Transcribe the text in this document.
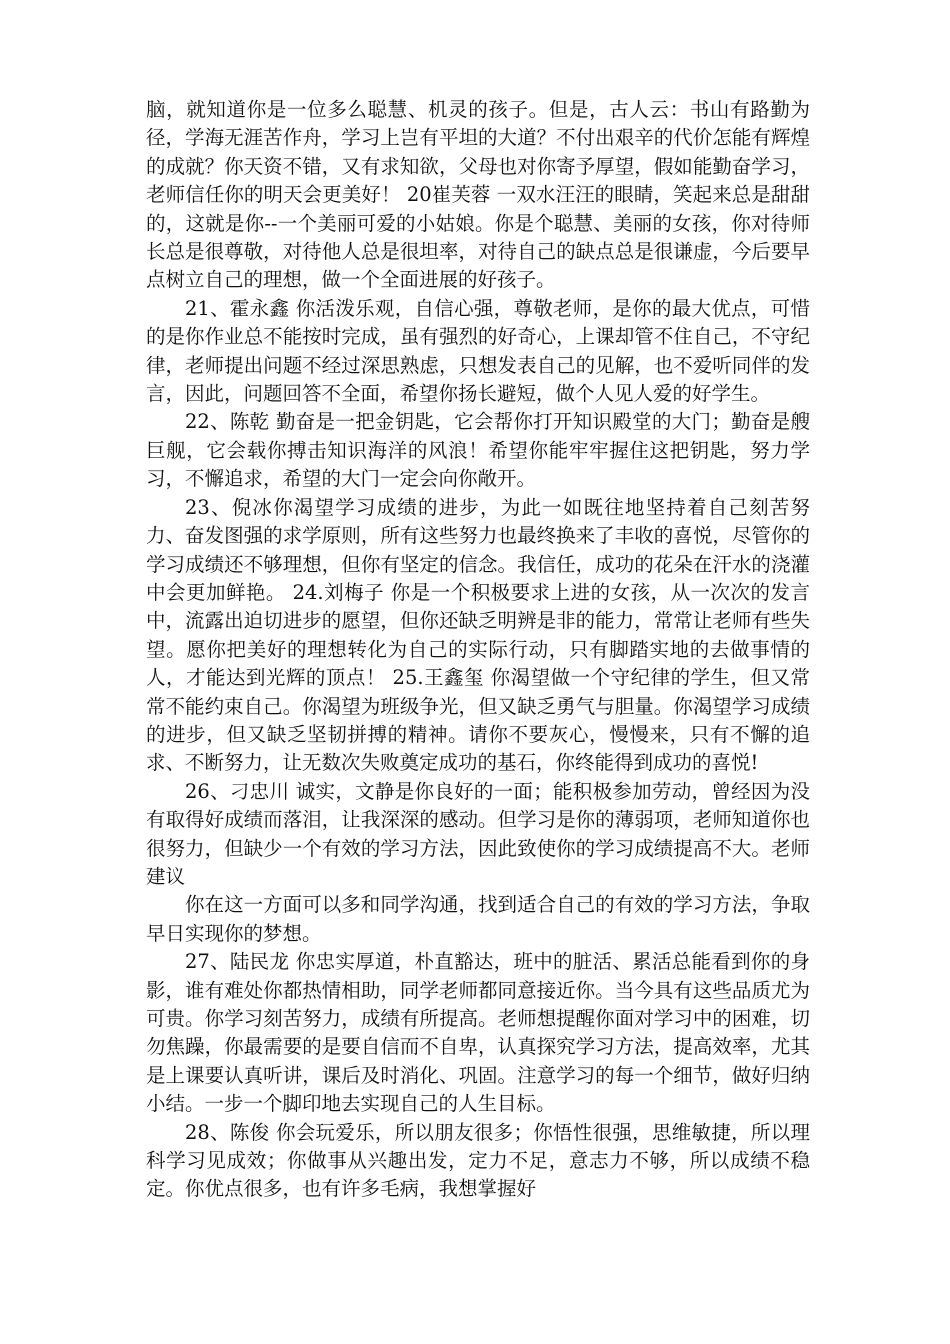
脑，就知道你是一位多么聪慧、机灵的孩子。但是，古人云：书山有路勤为径，学海无涯苦作舟，学习上岂有平坦的大道？不付出艰辛的代价怎能有辉煌的成就？你天资不错，又有求知欲，父母也对你寄予厚望，假如能勤奋学习，老师信任你的明天会更美好！ 20崔芙蓉 一双水汪汪的眼睛，笑起来总是甜甜的，这就是你--一个美丽可爱的小姑娘。你是个聪慧、美丽的女孩，你对待师长总是很尊敬，对待他人总是很坦率，对待自己的缺点总是很谦虚，今后要早点树立自己的理想，做一个全面进展的好孩子。

21、霍永鑫 你活泼乐观，自信心强，尊敬老师，是你的最大优点，可惜的是你作业总不能按时完成，虽有强烈的好奇心，上课却管不住自己，不守纪律，老师提出问题不经过深思熟虑，只想发表自己的见解，也不爱听同伴的发言，因此，问题回答不全面，希望你扬长避短，做个人见人爱的好学生。

22、陈乾 勤奋是一把金钥匙，它会帮你打开知识殿堂的大门；勤奋是艘巨舰，它会载你搏击知识海洋的风浪！希望你能牢牢握住这把钥匙，努力学习，不懈追求，希望的大门一定会向你敞开。

23、倪冰你渴望学习成绩的进步，为此一如既往地坚持着自己刻苦努力、奋发图强的求学原则，所有这些努力也最终换来了丰收的喜悦，尽管你的学习成绩还不够理想，但你有坚定的信念。我信任，成功的花朵在汗水的浇灌中会更加鲜艳。 24.刘梅子 你是一个积极要求上进的女孩，从一次次的发言中，流露出迫切进步的愿望，但你还缺乏明辨是非的能力，常常让老师有些失望。愿你把美好的理想转化为自己的实际行动，只有脚踏实地的去做事情的人，才能达到光辉的顶点！ 25.王鑫玺 你渴望做一个守纪律的学生，但又常常不能约束自己。你渴望为班级争光，但又缺乏勇气与胆量。你渴望学习成绩的进步，但又缺乏坚韧拼搏的精神。请你不要灰心，慢慢来，只有不懈的追求、不断努力，让无数次失败奠定成功的基石，你终能得到成功的喜悦!

26、刁忠川 诚实，文静是你良好的一面；能积极参加劳动，曾经因为没有取得好成绩而落泪，让我深深的感动。但学习是你的薄弱项，老师知道你也很努力，但缺少一个有效的学习方法，因此致使你的学习成绩提高不大。老师建议

你在这一方面可以多和同学沟通，找到适合自己的有效的学习方法，争取早日实现你的梦想。

27、陆民龙 你忠实厚道，朴直豁达，班中的脏活、累活总能看到你的身影，谁有难处你都热情相助，同学老师都同意接近你。当今具有这些品质尤为可贵。你学习刻苦努力，成绩有所提高。老师想提醒你面对学习中的困难，切勿焦躁，你最需要的是要自信而不自卑，认真探究学习方法，提高效率，尤其是上课要认真听讲，课后及时消化、巩固。注意学习的每一个细节，做好归纳小结。一步一个脚印地去实现自己的人生目标。

28、陈俊 你会玩爱乐，所以朋友很多；你悟性很强，思维敏捷，所以理科学习见成效；你做事从兴趣出发，定力不足，意志力不够，所以成绩不稳定。你优点很多，也有许多毛病，我想掌握好
